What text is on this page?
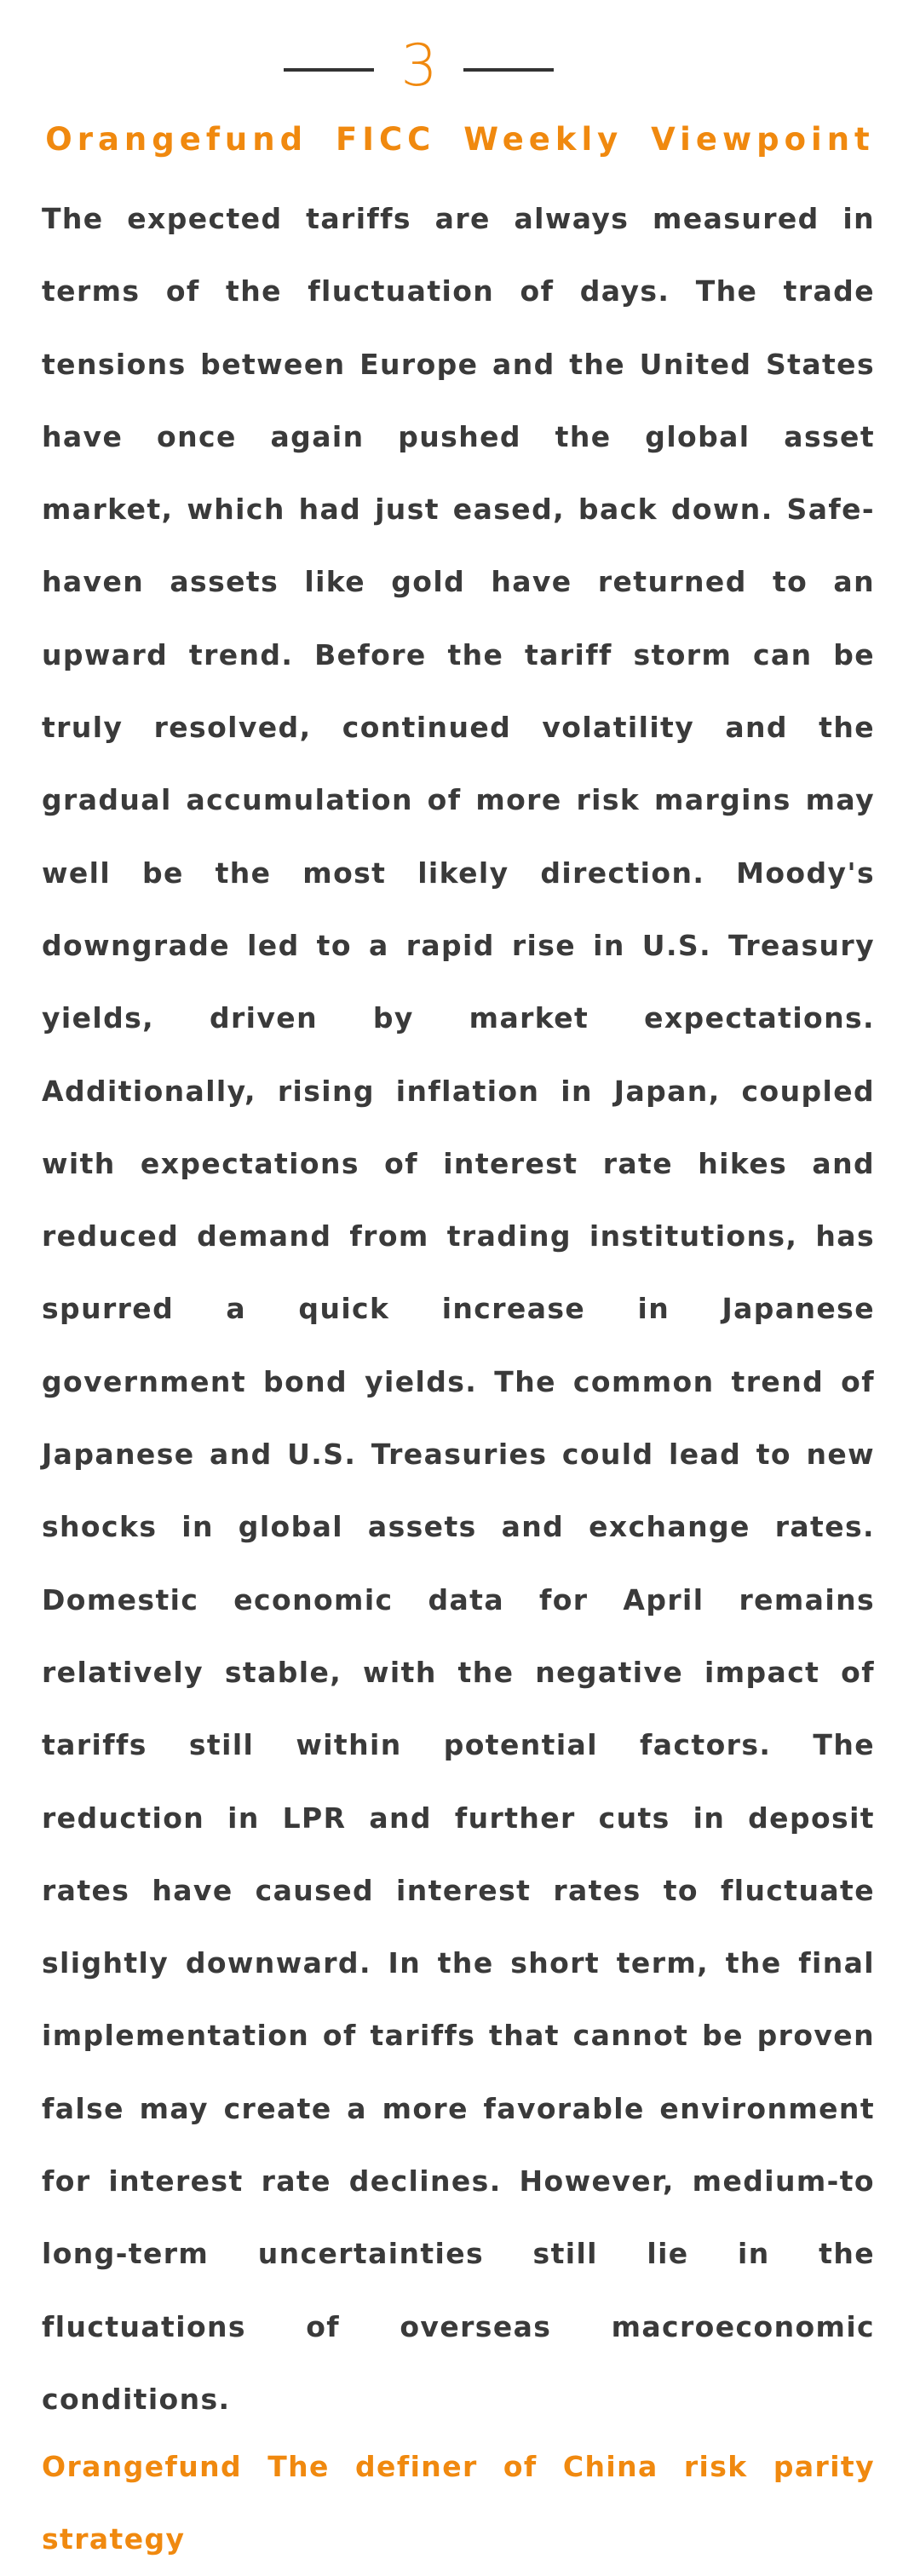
3
Orangefund FICC Weekly Viewpoint

The expected tariffs are always measured in terms of the fluctuation of days. The trade tensions between Europe and the United States have once again pushed the global asset market, which had just eased, back down. Safe-haven assets like gold have returned to an upward trend. Before the tariff storm can be truly resolved, continued volatility and the gradual accumulation of more risk margins may well be the most likely direction. Moody's downgrade led to a rapid rise in U.S. Treasury yields, driven by market expectations. Additionally, rising inflation in Japan, coupled with expectations of interest rate hikes and reduced demand from trading institutions, has spurred a quick increase in Japanese government bond yields. The common trend of Japanese and U.S. Treasuries could lead to new shocks in global assets and exchange rates. Domestic economic data for April remains relatively stable, with the negative impact of tariffs still within potential factors. The reduction in LPR and further cuts in deposit rates have caused interest rates to fluctuate slightly downward. In the short term, the final implementation of tariffs that cannot be proven false may create a more favorable environment for interest rate declines. However, medium-to long-term uncertainties still lie in the fluctuations of overseas macroeconomic conditions.

Orangefund The definer of China risk parity strategy
